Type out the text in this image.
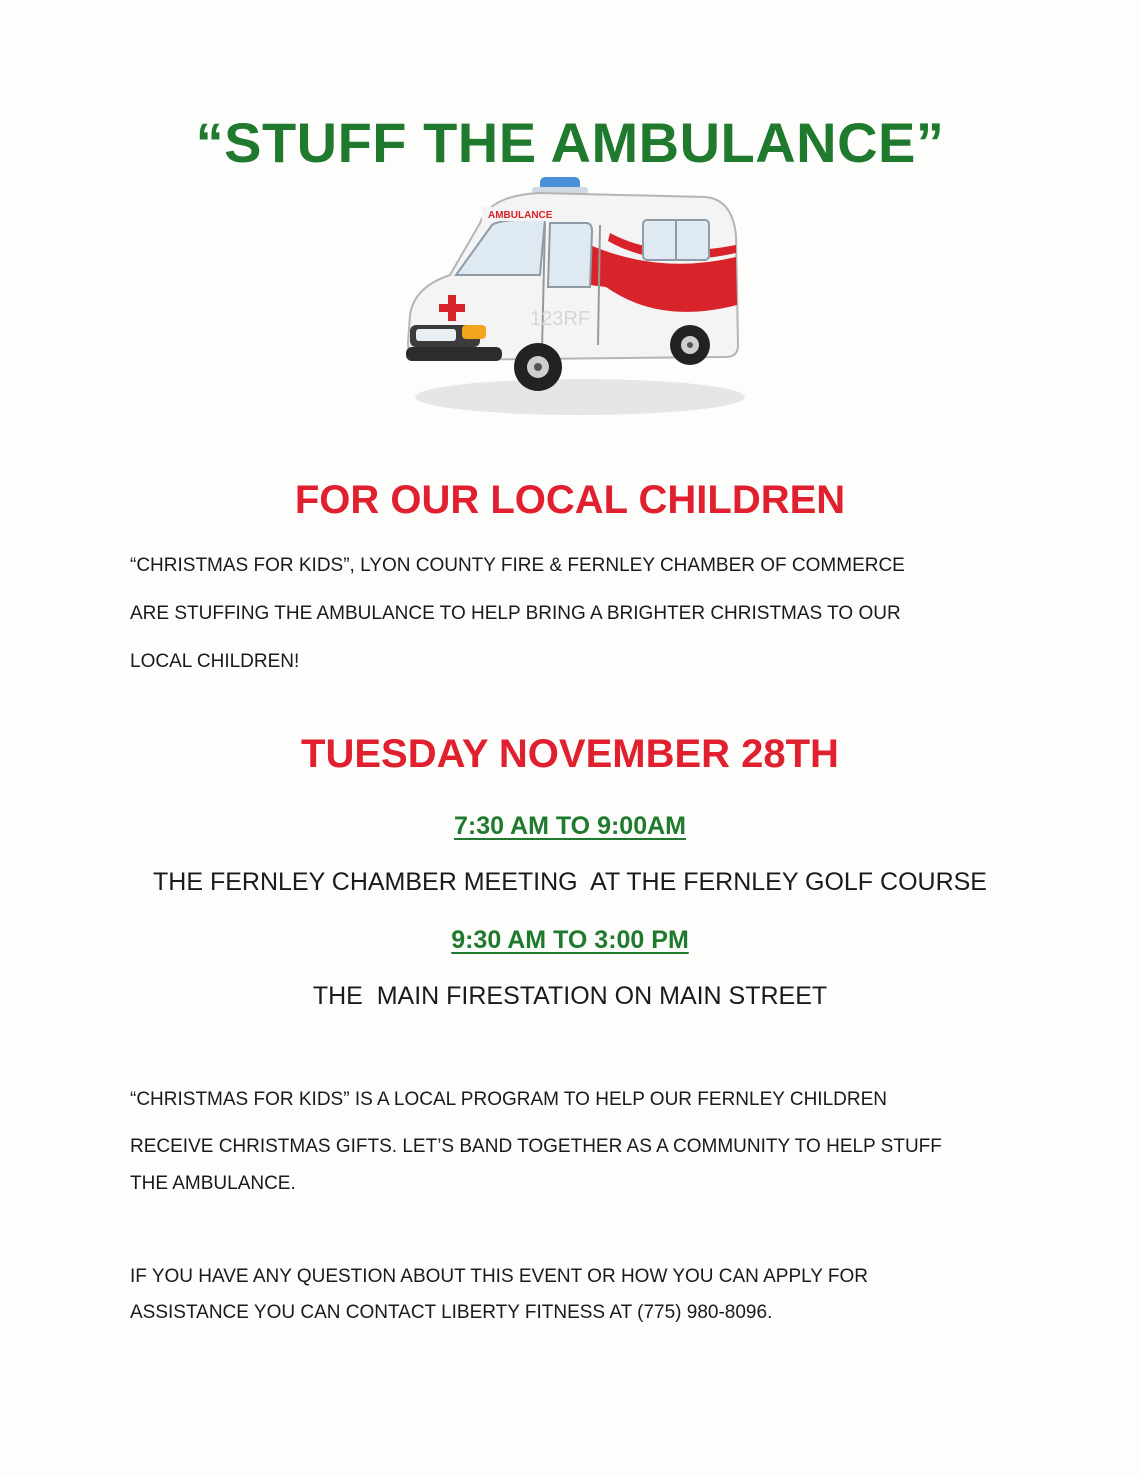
“STUFF THE AMBULANCE”
AMBULANCE
123RF
FOR OUR LOCAL CHILDREN

“CHRISTMAS FOR KIDS”, LYON COUNTY FIRE & FERNLEY CHAMBER OF COMMERCE
ARE STUFFING THE AMBULANCE TO HELP BRING A BRIGHTER CHRISTMAS TO OUR
LOCAL CHILDREN!

TUESDAY NOVEMBER 28TH

7:30 AM TO 9:00AM

THE FERNLEY CHAMBER MEETING  AT THE FERNLEY GOLF COURSE

9:30 AM TO 3:00 PM

THE  MAIN FIRESTATION ON MAIN STREET

“CHRISTMAS FOR KIDS” IS A LOCAL PROGRAM TO HELP OUR FERNLEY CHILDREN
RECEIVE CHRISTMAS GIFTS. LET’S BAND TOGETHER AS A COMMUNITY TO HELP STUFF
THE AMBULANCE.

IF YOU HAVE ANY QUESTION ABOUT THIS EVENT OR HOW YOU CAN APPLY FOR
ASSISTANCE YOU CAN CONTACT LIBERTY FITNESS AT (775) 980-8096.
